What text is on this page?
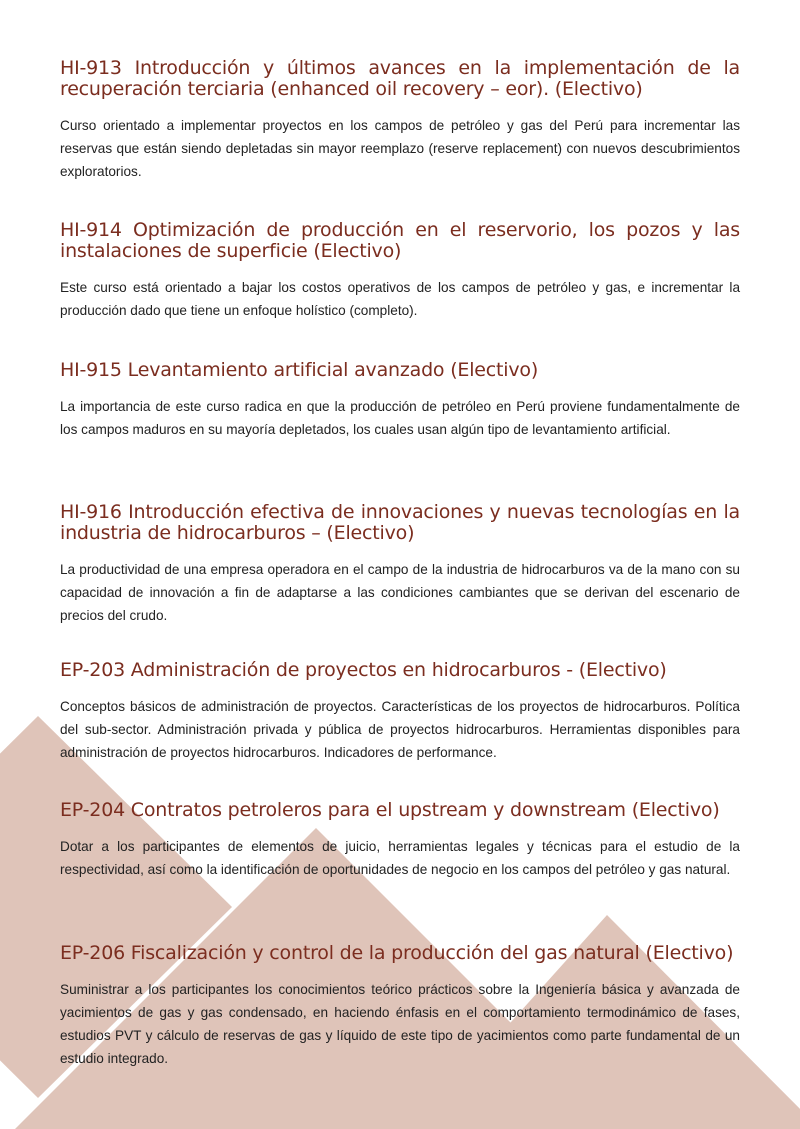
HI-913 Introducción y últimos avances en la implementación de la recuperación terciaria (enhanced oil recovery – eor). (Electivo)

Curso orientado a implementar proyectos en los campos de petróleo y gas del Perú para incrementar las reservas que están siendo depletadas sin mayor reemplazo (reserve replacement) con nuevos descubrimientos exploratorios.

HI-914 Optimización de producción en el reservorio, los pozos y las instalaciones de superficie (Electivo)

Este curso está orientado a bajar los costos operativos de los campos de petróleo y gas, e incrementar la producción dado que tiene un enfoque holístico (completo).

HI-915 Levantamiento artificial avanzado (Electivo)

La importancia de este curso radica en que la producción de petróleo en Perú proviene fundamentalmente de los campos maduros en su mayoría depletados, los cuales usan algún tipo de levantamiento artificial.

HI-916 Introducción efectiva de innovaciones y nuevas tecnologías en la industria de hidrocarburos – (Electivo)

La productividad de una empresa operadora en el campo de la industria de hidrocarburos va de la mano con su capacidad de innovación a fin de adaptarse a las condiciones cambiantes que se derivan del escenario de precios del crudo.

EP-203 Administración de proyectos en hidrocarburos - (Electivo)

Conceptos básicos de administración de proyectos. Características de los proyectos de hidrocarburos. Política del sub-sector. Administración privada y pública de proyectos hidrocarburos. Herramientas disponibles para administración de proyectos hidrocarburos. Indicadores de performance.

EP-204 Contratos petroleros para el upstream y downstream (Electivo)

Dotar a los participantes de elementos de juicio, herramientas legales y técnicas para el estudio de la respectividad, así como la identificación de oportunidades de negocio en los campos del petróleo y gas natural.

EP-206 Fiscalización y control de la producción del gas natural (Electivo)

Suministrar a los participantes los conocimientos teórico prácticos sobre la Ingeniería básica y avanzada de yacimientos de gas y gas condensado, en haciendo énfasis en el comportamiento termodinámico de fases, estudios PVT y cálculo de reservas de gas y líquido de este tipo de yacimientos como parte fundamental de un estudio integrado.
